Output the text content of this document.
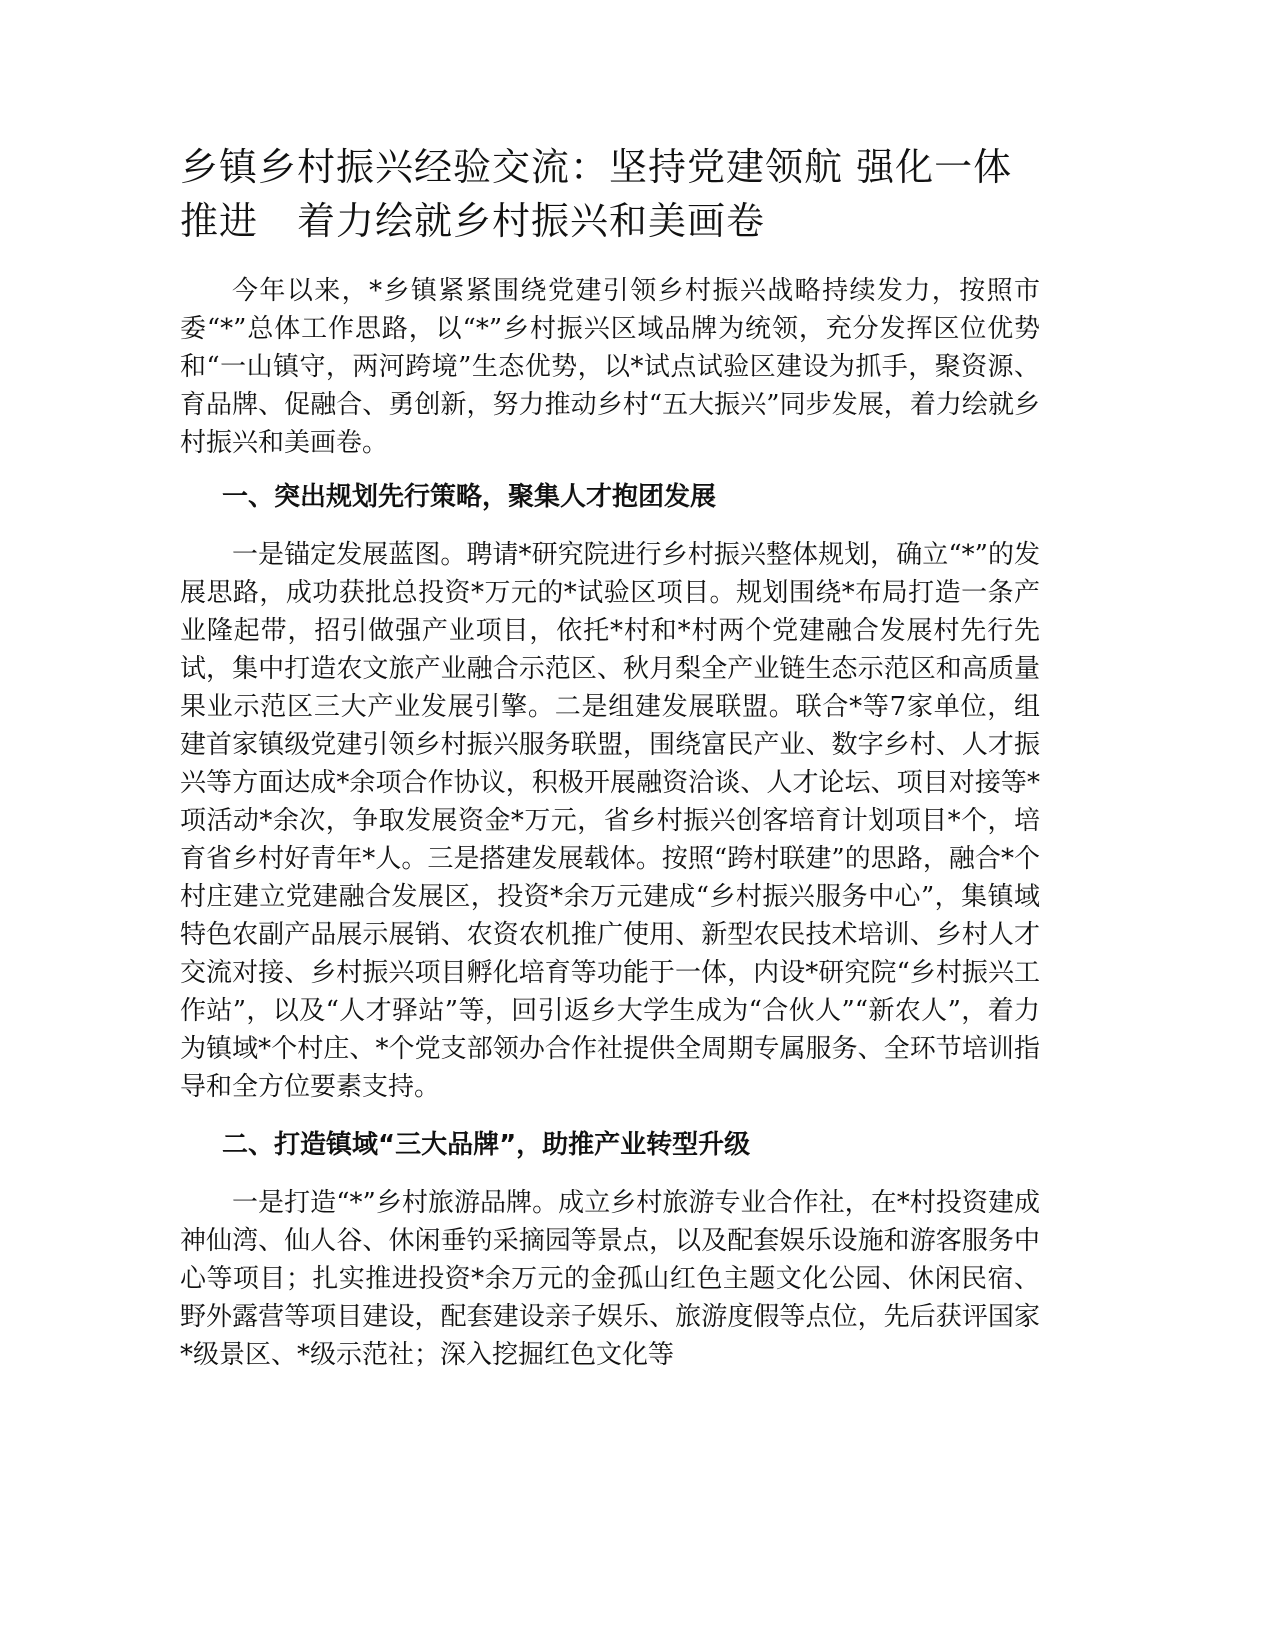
乡镇乡村振兴经验交流：坚持党建领航 强化一体推进　着力绘就乡村振兴和美画卷

今年以来，*乡镇紧紧围绕党建引领乡村振兴战略持续发力，按照市委“*”总体工作思路，以“*”乡村振兴区域品牌为统领，充分发挥区位优势和“一山镇守，两河跨境”生态优势，以*试点试验区建设为抓手，聚资源、育品牌、促融合、勇创新，努力推动乡村“五大振兴”同步发展，着力绘就乡村振兴和美画卷。

一、突出规划先行策略，聚集人才抱团发展

一是锚定发展蓝图。聘请*研究院进行乡村振兴整体规划，确立“*”的发展思路，成功获批总投资*万元的*试验区项目。规划围绕*布局打造一条产业隆起带，招引做强产业项目，依托*村和*村两个党建融合发展村先行先试，集中打造农文旅产业融合示范区、秋月梨全产业链生态示范区和高质量果业示范区三大产业发展引擎。二是组建发展联盟。联合*等7家单位，组建首家镇级党建引领乡村振兴服务联盟，围绕富民产业、数字乡村、人才振兴等方面达成*余项合作协议，积极开展融资洽谈、人才论坛、项目对接等*项活动*余次，争取发展资金*万元，省乡村振兴创客培育计划项目*个，培育省乡村好青年*人。三是搭建发展载体。按照“跨村联建”的思路，融合*个村庄建立党建融合发展区，投资*余万元建成“乡村振兴服务中心”，集镇域特色农副产品展示展销、农资农机推广使用、新型农民技术培训、乡村人才交流对接、乡村振兴项目孵化培育等功能于一体，内设*研究院“乡村振兴工作站”，以及“人才驿站”等，回引返乡大学生成为“合伙人”“新农人”，着力为镇域*个村庄、*个党支部领办合作社提供全周期专属服务、全环节培训指导和全方位要素支持。

二、打造镇域“三大品牌”，助推产业转型升级

一是打造“*”乡村旅游品牌。成立乡村旅游专业合作社，在*村投资建成神仙湾、仙人谷、休闲垂钓采摘园等景点，以及配套娱乐设施和游客服务中心等项目；扎实推进投资*余万元的金孤山红色主题文化公园、休闲民宿、野外露营等项目建设，配套建设亲子娱乐、旅游度假等点位，先后获评国家*级景区、*级示范社；深入挖掘红色文化等
